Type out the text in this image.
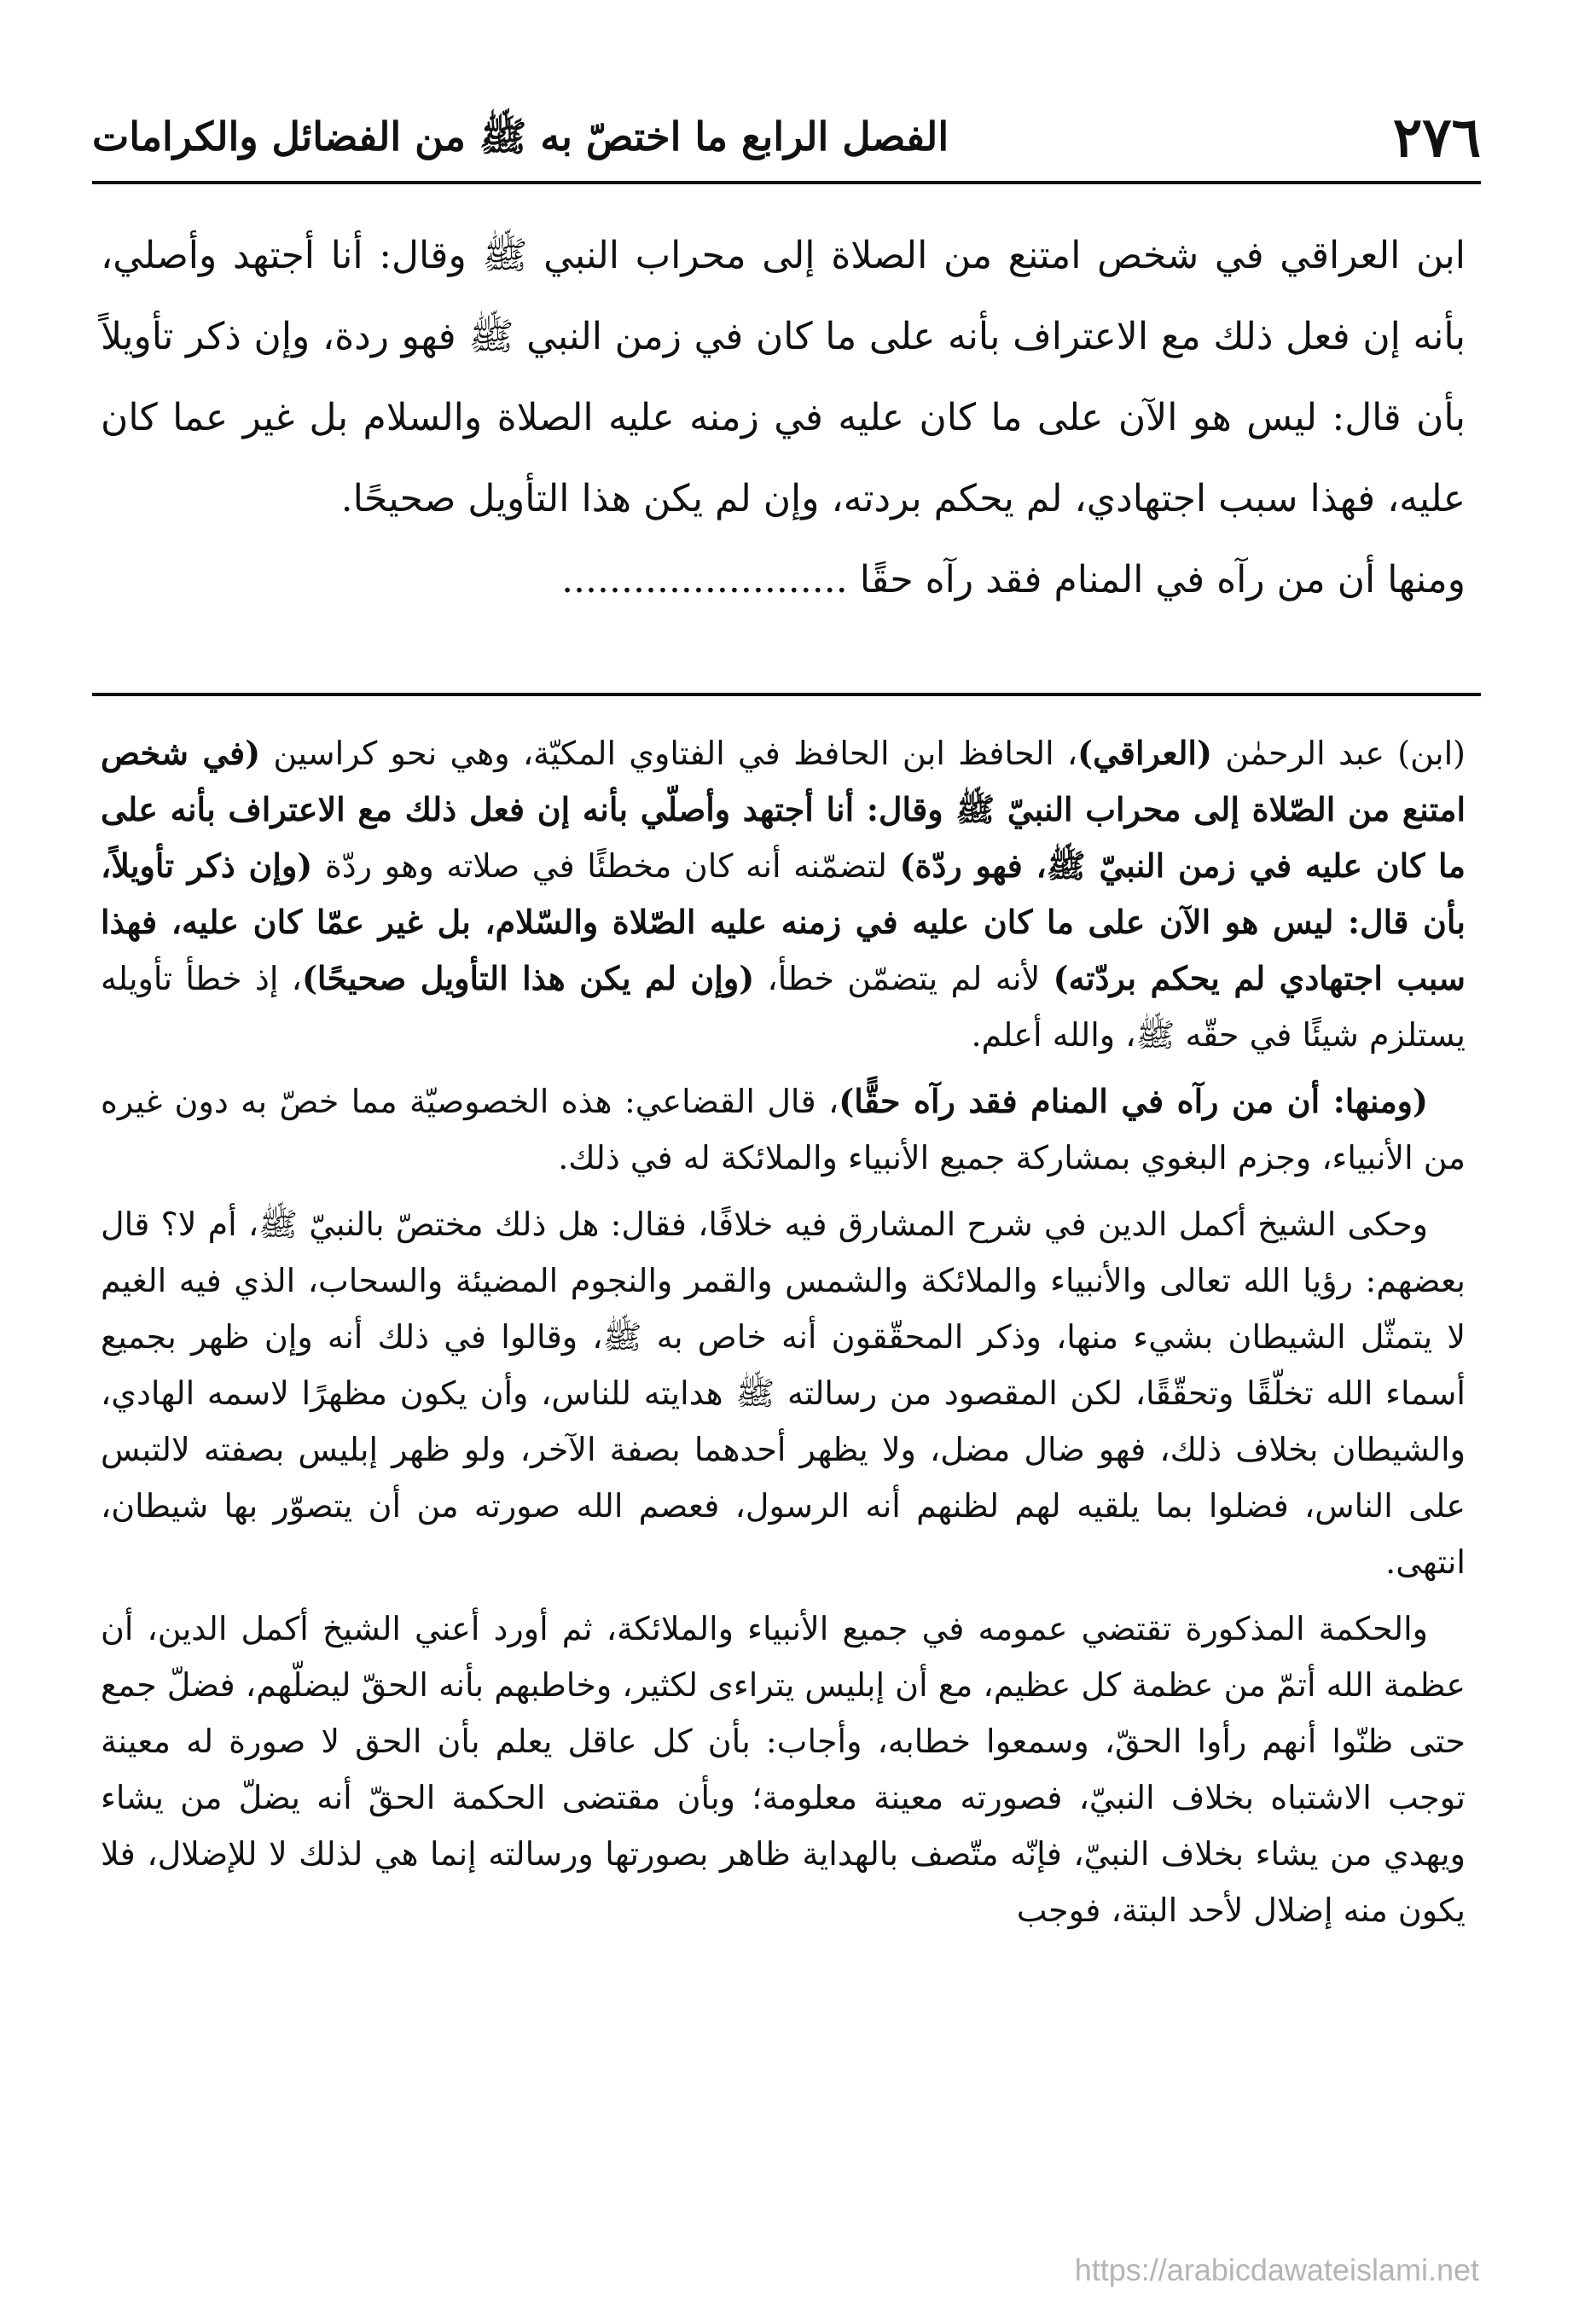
٢٧٦
الفصل الرابع ما اختصّ به ﷺ من الفضائل والكرامات

ابن العراقي في شخص امتنع من الصلاة إلى محراب النبي ﷺ وقال: أنا أجتهد وأصلي، بأنه إن فعل ذلك مع الاعتراف بأنه على ما كان في زمن النبي ﷺ فهو ردة، وإن ذكر تأويلاً بأن قال: ليس هو الآن على ما كان عليه في زمنه عليه الصلاة والسلام بل غير عما كان عليه، فهذا سبب اجتهادي، لم يحكم بردته، وإن لم يكن هذا التأويل صحيحًا.

ومنها أن من رآه في المنام فقد رآه حقًا ........................

(ابن) عبد الرحمٰن (العراقي)، الحافظ ابن الحافظ في الفتاوي المكيّة، وهي نحو كراسين (في شخص امتنع من الصّلاة إلى محراب النبيّ ﷺ وقال: أنا أجتهد وأصلّي بأنه إن فعل ذلك مع الاعتراف بأنه على ما كان عليه في زمن النبيّ ﷺ، فهو ردّة) لتضمّنه أنه كان مخطئًا في صلاته وهو ردّة (وإن ذكر تأويلاً، بأن قال: ليس هو الآن على ما كان عليه في زمنه عليه الصّلاة والسّلام، بل غير عمّا كان عليه، فهذا سبب اجتهادي لم يحكم بردّته) لأنه لم يتضمّن خطأ، (وإن لم يكن هذا التأويل صحيحًا)، إذ خطأ تأويله يستلزم شيئًا في حقّه ﷺ، والله أعلم.

(ومنها: أن من رآه في المنام فقد رآه حقًّا)، قال القضاعي: هذه الخصوصيّة مما خصّ به دون غيره من الأنبياء، وجزم البغوي بمشاركة جميع الأنبياء والملائكة له في ذلك.

وحكى الشيخ أكمل الدين في شرح المشارق فيه خلافًا، فقال: هل ذلك مختصّ بالنبيّ ﷺ، أم لا؟ قال بعضهم: رؤيا الله تعالى والأنبياء والملائكة والشمس والقمر والنجوم المضيئة والسحاب، الذي فيه الغيم لا يتمثّل الشيطان بشيء منها، وذكر المحقّقون أنه خاص به ﷺ، وقالوا في ذلك أنه وإن ظهر بجميع أسماء الله تخلّقًا وتحقّقًا، لكن المقصود من رسالته ﷺ هدايته للناس، وأن يكون مظهرًا لاسمه الهادي، والشيطان بخلاف ذلك، فهو ضال مضل، ولا يظهر أحدهما بصفة الآخر، ولو ظهر إبليس بصفته لالتبس على الناس، فضلوا بما يلقيه لهم لظنهم أنه الرسول، فعصم الله صورته من أن يتصوّر بها شيطان، انتهى.

والحكمة المذكورة تقتضي عمومه في جميع الأنبياء والملائكة، ثم أورد أعني الشيخ أكمل الدين، أن عظمة الله أتمّ من عظمة كل عظيم، مع أن إبليس يتراءى لكثير، وخاطبهم بأنه الحقّ ليضلّهم، فضلّ جمع حتى ظنّوا أنهم رأوا الحقّ، وسمعوا خطابه، وأجاب: بأن كل عاقل يعلم بأن الحق لا صورة له معينة توجب الاشتباه بخلاف النبيّ، فصورته معينة معلومة؛ وبأن مقتضى الحكمة الحقّ أنه يضلّ من يشاء ويهدي من يشاء بخلاف النبيّ، فإنّه متّصف بالهداية ظاهر بصورتها ورسالته إنما هي لذلك لا للإضلال، فلا يكون منه إضلال لأحد البتة، فوجب

https://arabicdawateislami.net
